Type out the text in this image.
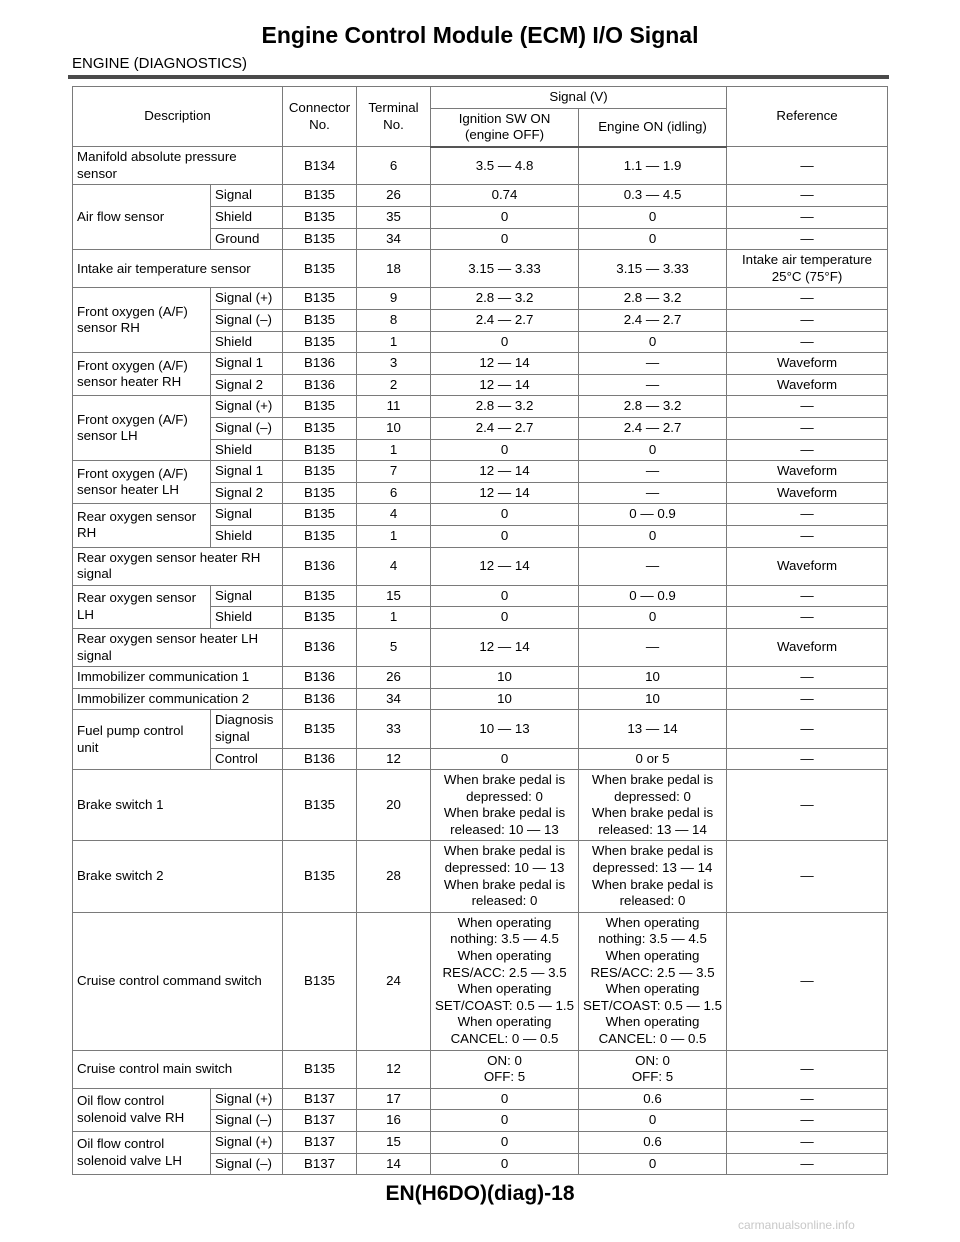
Engine Control Module (ECM) I/O Signal

ENGINE (DIAGNOSTICS)

Description		Connector No.	Terminal No.	Signal (V)		Reference
				Ignition SW ON (engine OFF)	Engine ON (idling)	
Manifold absolute pressure sensor		B134	6	3.5 — 4.8	1.1 — 1.9	—
Air flow sensor	Signal	B135	26	0.74	0.3 — 4.5	—
	Shield	B135	35	0	0	—
	Ground	B135	34	0	0	—
Intake air temperature sensor		B135	18	3.15 — 3.33	3.15 — 3.33	Intake air temperature 25°C (75°F)
Front oxygen (A/F) sensor RH	Signal (+)	B135	9	2.8 — 3.2	2.8 — 3.2	—
	Signal (–)	B135	8	2.4 — 2.7	2.4 — 2.7	—
	Shield	B135	1	0	0	—
Front oxygen (A/F) sensor heater RH	Signal 1	B136	3	12 — 14	—	Waveform
	Signal 2	B136	2	12 — 14	—	Waveform
Front oxygen (A/F) sensor LH	Signal (+)	B135	11	2.8 — 3.2	2.8 — 3.2	—
	Signal (–)	B135	10	2.4 — 2.7	2.4 — 2.7	—
	Shield	B135	1	0	0	—
Front oxygen (A/F) sensor heater LH	Signal 1	B135	7	12 — 14	—	Waveform
	Signal 2	B135	6	12 — 14	—	Waveform
Rear oxygen sensor RH	Signal	B135	4	0	0 — 0.9	—
	Shield	B135	1	0	0	—
Rear oxygen sensor heater RH signal		B136	4	12 — 14	—	Waveform
Rear oxygen sensor LH	Signal	B135	15	0	0 — 0.9	—
	Shield	B135	1	0	0	—
Rear oxygen sensor heater LH signal		B136	5	12 — 14	—	Waveform
Immobilizer communication 1		B136	26	10	10	—
Immobilizer communication 2		B136	34	10	10	—
Fuel pump control unit	Diagnosis signal	B135	33	10 — 13	13 — 14	—
	Control	B136	12	0	0 or 5	—
Brake switch 1		B135	20	When brake pedal is depressed: 0
When brake pedal is released: 10 — 13	When brake pedal is depressed: 0
When brake pedal is released: 13 — 14	—
Brake switch 2		B135	28	When brake pedal is depressed: 10 — 13
When brake pedal is released: 0	When brake pedal is depressed: 13 — 14
When brake pedal is released: 0	—
Cruise control command switch		B135	24	When operating nothing: 3.5 — 4.5
When operating RES/ACC: 2.5 — 3.5
When operating SET/COAST: 0.5 — 1.5
When operating CANCEL: 0 — 0.5	When operating nothing: 3.5 — 4.5
When operating RES/ACC: 2.5 — 3.5
When operating SET/COAST: 0.5 — 1.5
When operating CANCEL: 0 — 0.5	—
Cruise control main switch		B135	12	ON: 0
OFF: 5	ON: 0
OFF: 5	—
Oil flow control solenoid valve RH	Signal (+)	B137	17	0	0.6	—
	Signal (–)	B137	16	0	0	—
Oil flow control solenoid valve LH	Signal (+)	B137	15	0	0.6	—
	Signal (–)	B137	14	0	0	—

EN(H6DO)(diag)-18

carmanualsonline.info
